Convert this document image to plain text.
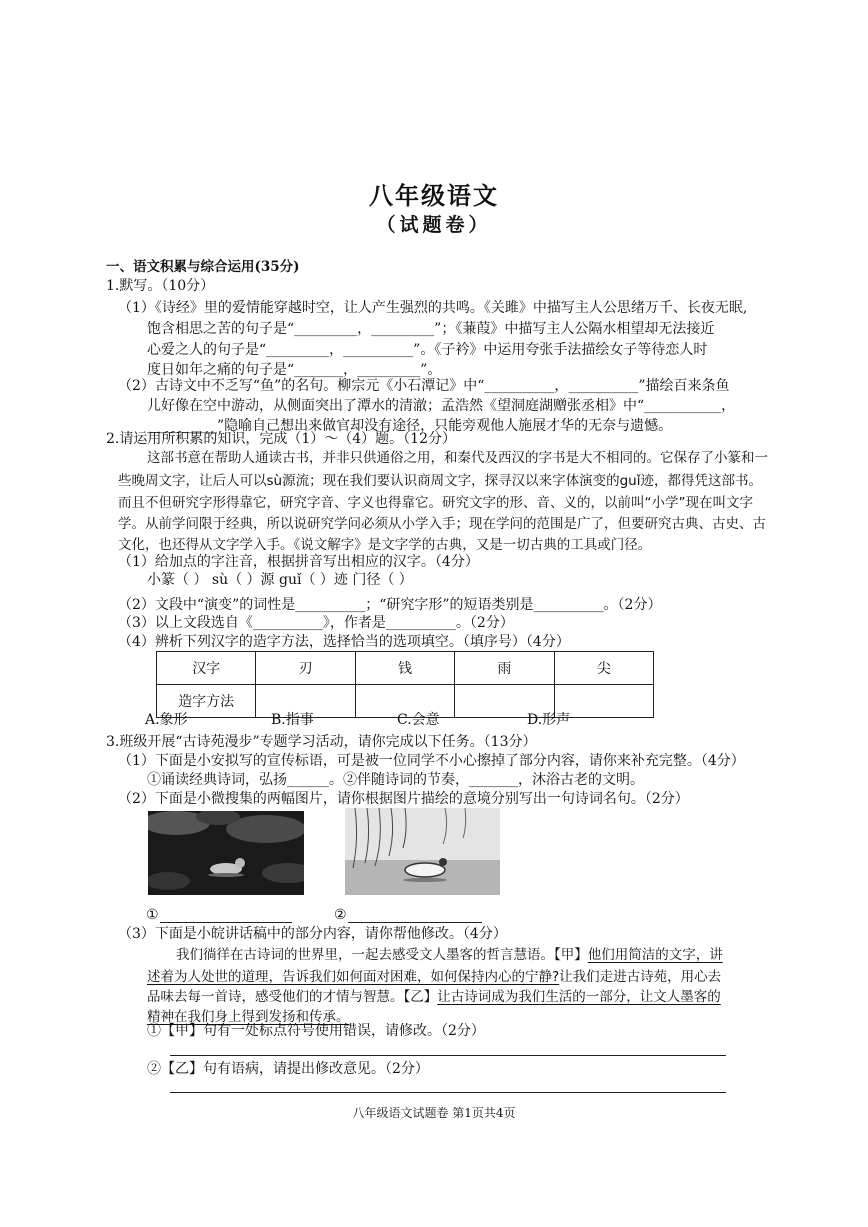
八年级语文
（试题卷）
一、语文积累与综合运用(35分)
1.默写。（10分）
（1）《诗经》里的爱情能穿越时空，让人产生强烈的共鸣。《关雎》中描写主人公思绪万千、长夜无眠,
饱含相思之苦的句子是“_________，_________”；《蒹葭》中描写主人公隔水相望却无法接近
心爱之人的句子是“_________，__________”。《子衿》中运用夸张手法描绘女子等待恋人时
度日如年之痛的句子是“_______，_________”。
（2）古诗文中不乏写“鱼”的名句。柳宗元《小石潭记》中“__________，__________”描绘百来条鱼
儿好像在空中游动，从侧面突出了潭水的清澈；孟浩然《望洞庭湖赠张丞相》中“___________，
__________”隐喻自己想出来做官却没有途径，只能旁观他人施展才华的无奈与遗憾。
2.请运用所积累的知识，完成（1）～（4）题。（12分）
这部书意在帮助人通读古书，并非只供通俗之用，和秦代及西汉的字书是大不相同的。它保存了小篆和一
些晚周文字，让后人可以sù源流；现在我们要认识商周文字，探寻汉以来字体演变的guǐ迹，都得凭这部书。
而且不但研究字形得靠它，研究字音、字义也得靠它。研究文字的形、音、义的，以前叫“小学”现在叫文字
学。从前学问限于经典，所以说研究学问必须从小学入手；现在学问的范围是广了，但要研究古典、古史、古
文化，也还得从文字学入手。《说文解字》是文字学的古典，又是一切古典的工具或门径。
（1）给加点的字注音，根据拼音写出相应的汉字。（4分）
小篆（ ） sù（ ）源 guǐ（ ）迹 门径（ ）
（2）文段中“演变”的词性是__________；“研究字形”的短语类别是__________。（2分）
（3）以上文段选自《__________》，作者是__________。（2分）
（4）辨析下列汉字的造字方法，选择恰当的选项填空。（填序号）（4分）
汉字	刃	钱	雨	尖
造字方法				
A.象形	B.指事	C.会意	D.形声
3.班级开展“古诗苑漫步”专题学习活动，请你完成以下任务。（13分）
（1）下面是小安拟写的宣传标语，可是被一位同学不小心擦掉了部分内容，请你来补充完整。（4分）
①诵读经典诗词，弘扬______。②伴随诗词的节奏，_______，沐浴古老的文明。
（2）下面是小微搜集的两幅图片，请你根据图片描绘的意境分别写出一句诗词名句。（2分）
①	②
（3）下面是小皖讲话稿中的部分内容，请你帮他修改。（4分）
我们徜徉在古诗词的世界里，一起去感受文人墨客的哲言慧语。【甲】他们用简洁的文字，讲
述着为人处世的道理，告诉我们如何面对困难，如何保持内心的宁静?让我们走进古诗苑，用心去
品味去每一首诗，感受他们的才情与智慧。【乙】让古诗词成为我们生活的一部分，让文人墨客的
精神在我们身上得到发扬和传承。
①【甲】句有一处标点符号使用错误，请修改。（2分）
②【乙】句有语病，请提出修改意见。（2分）
八年级语文试题卷 第1页共4页
